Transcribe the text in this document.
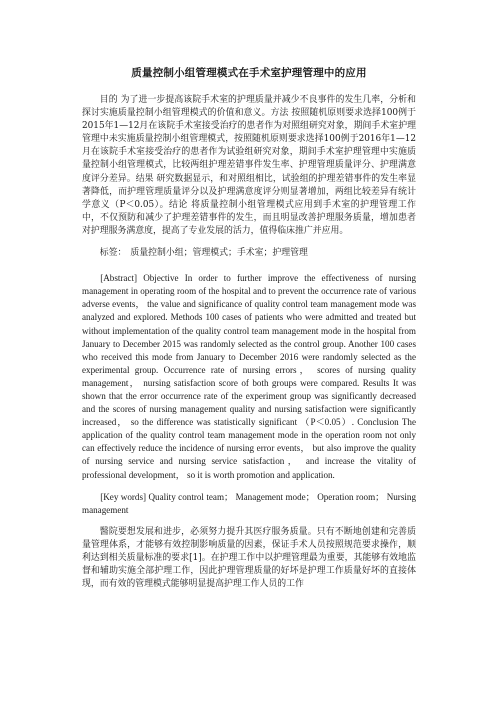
质量控制小组管理模式在手术室护理管理中的应用

目的 为了进一步提高该院手术室的护理质量并减少不良事件的发生几率，分析和探讨实施质量控制小组管理模式的价值和意义。方法 按照随机原则要求选择100例于2015年1—12月在该院手术室接受治疗的患者作为对照组研究对象，期间手术室护理管理中未实施质量控制小组管理模式，按照随机原则要求选择100例于2016年1—12月在该院手术室接受治疗的患者作为试验组研究对象，期间手术室护理管理中实施质量控制小组管理模式，比较两组护理差错事件发生率、护理管理质量评分、护理满意度评分差异。结果 研究数据显示，和对照组相比，试验组的护理差错事件的发生率显著降低，而护理管理质量评分以及护理满意度评分则显著增加，两组比较差异有统计学意义（P＜0.05）。结论 将质量控制小组管理模式应用到手术室的护理管理工作中，不仅预防和减少了护理差错事件的发生，而且明显改善护理服务质量，增加患者对护理服务满意度，提高了专业发展的活力，值得临床推广并应用。

标签： 质量控制小组；管理模式；手术室；护理管理

[Abstract] Objective In order to further improve the effectiveness of nursing management in operating room of the hospital and to prevent the occurrence rate of various adverse events， the value and significance of quality control team management mode was analyzed and explored. Methods 100 cases of patients who were admitted and treated but without implementation of the quality control team management mode in the hospital from January to December 2015 was randomly selected as the control group. Another 100 cases who received this mode from January to December 2016 were randomly selected as the experimental group. Occurrence rate of nursing errors， scores of nursing quality management， nursing satisfaction score of both groups were compared. Results It was shown that the error occurrence rate of the experiment group was significantly decreased and the scores of nursing management quality and nursing satisfaction were significantly increased， so the difference was statistically significant （P＜0.05）. Conclusion The application of the quality control team management mode in the operation room not only can effectively reduce the incidence of nursing error events， but also improve the quality of nursing service and nursing service satisfaction， and increase the vitality of professional development， so it is worth promotion and application.

[Key words] Quality control team； Management mode； Operation room； Nursing management

醫院要想发展和进步，必须努力提升其医疗服务质量。只有不断地创建和完善质量管理体系，才能够有效控制影响质量的因素，保证手术人员按照规范要求操作，顺利达到相关质量标准的要求[1]。在护理工作中以护理管理最为重要，其能够有效地监督和辅助实施全部护理工作，因此护理管理质量的好坏是护理工作质量好坏的直接体现，而有效的管理模式能够明显提高护理工作人员的工作
